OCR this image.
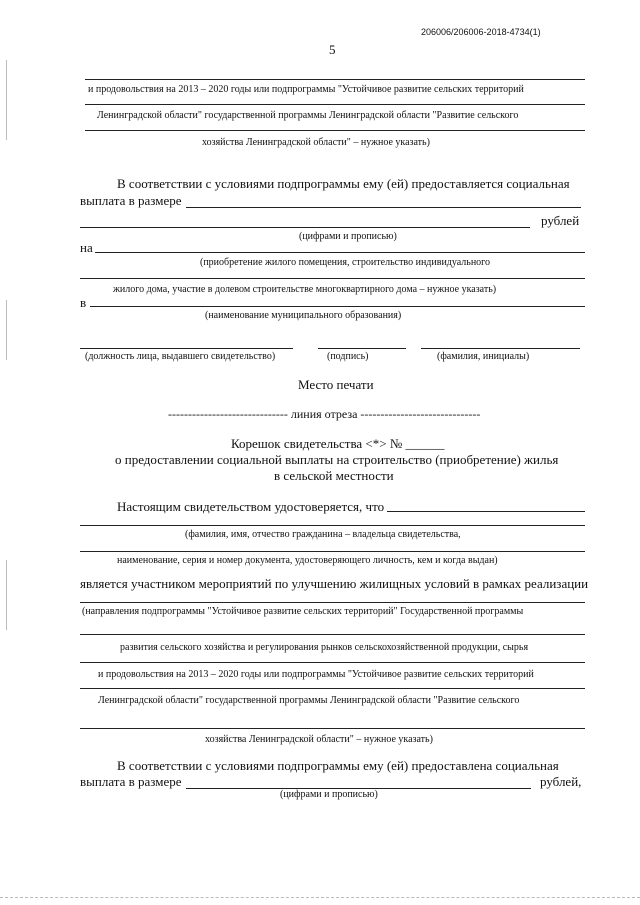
206006/206006-2018-4734(1)
5
и продовольствия на 2013 – 2020 годы или подпрограммы "Устойчивое развитие сельских территорий
Ленинградской области" государственной программы Ленинградской области "Развитие сельского
хозяйства Ленинградской области" – нужное указать)
В соответствии с условиями подпрограммы ему (ей) предоставляется социальная
выплата в размере
рублей
(цифрами и прописью)
на
(приобретение жилого помещения, строительство индивидуального
жилого дома, участие в долевом строительстве многоквартирного дома – нужное указать)
в
(наименование муниципального образования)
(должность лица, выдавшего свидетельство)	(подпись)	(фамилия, инициалы)
Место печати
------------------------------ линия отреза ------------------------------
Корешок свидетельства <*> № ______
о предоставлении социальной выплаты на строительство (приобретение) жилья
в сельской местности
Настоящим свидетельством удостоверяется, что
(фамилия, имя, отчество гражданина – владельца свидетельства,
наименование, серия и номер документа, удостоверяющего личность, кем и когда выдан)
является участником мероприятий по улучшению жилищных условий в рамках реализации
(направления подпрограммы "Устойчивое развитие сельских территорий" Государственной программы
развития сельского хозяйства и регулирования рынков сельскохозяйственной продукции, сырья
и продовольствия на 2013 – 2020 годы или подпрограммы "Устойчивое развитие сельских территорий
Ленинградской области" государственной программы Ленинградской области "Развитие сельского
хозяйства Ленинградской области" – нужное указать)
В соответствии с условиями подпрограммы ему (ей) предоставлена социальная
выплата в размере	рублей,
(цифрами и прописью)
